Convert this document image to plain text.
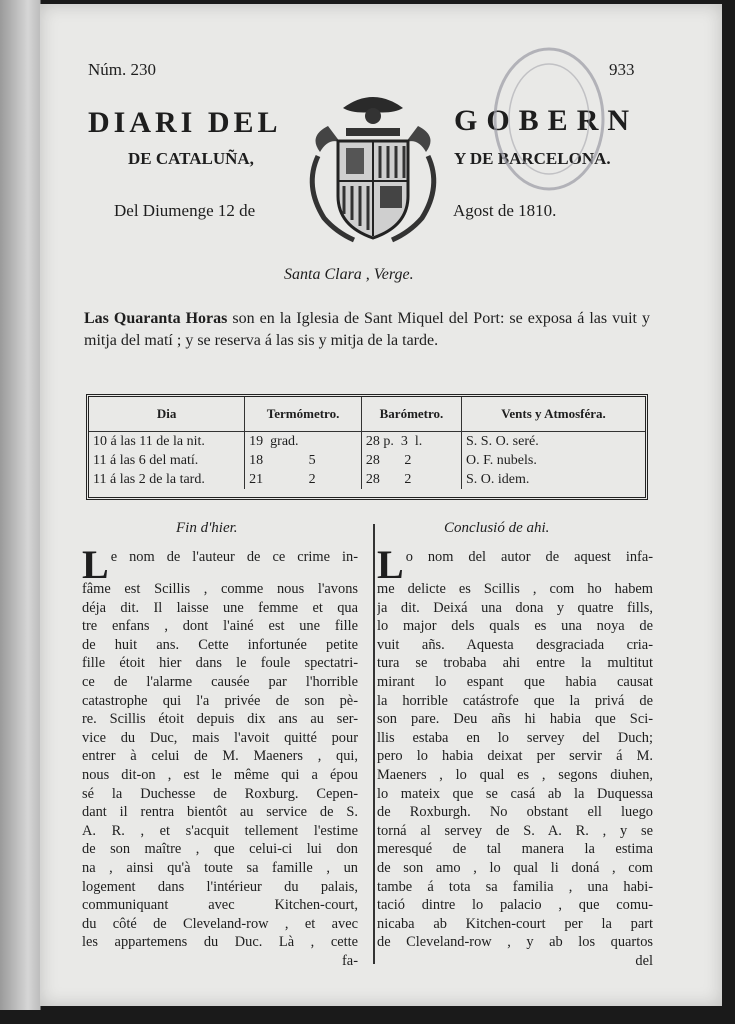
Núm. 230	933
DIARI DEL	GOBERN
DE CATALUÑA,	Y DE BARCELONA.
Del Diumenge 12 de	Agost de 1810.
Santa Clara , Verge.
Las Quaranta Horas son en la Iglesia de Sant Miquel del Port: se exposa á las vuit y mitja del matí ; y se reserva á las sis y mitja de la tarde.
Dia	Termómetro.	Barómetro.	Vents y Atmosféra.
10 á las 11 de la nit.	19  grad.	28 p.  3  l.	S. S. O. seré.
11 á las 6 del matí.	18             5	28       2	O. F. nubels.
11 á las 2 de la tard.	21             2	28       2	S. O. idem.
Fin d'hier.	Conclusió de ahi.
Le nom de l'auteur de ce crime in-
fâme est Scillis , comme nous l'avons
déja dit. Il laisse une femme et qua
tre enfans , dont l'ainé est une fille
de huit ans. Cette infortunée petite
fille étoit hier dans le foule spectatri-
ce de l'alarme causée par l'horrible
catastrophe qui l'a privée de son pè-
re. Scillis étoit depuis dix ans au ser-
vice du Duc, mais l'avoit quitté pour
entrer à celui de M. Maeners , qui,
nous dit-on , est le même qui a épou
sé la Duchesse de Roxburg. Cepen-
dant il rentra bientôt au service de S.
A. R. , et s'acquit tellement l'estime
de son maître , que celui-ci lui don
na , ainsi qu'à toute sa famille , un
logement dans l'intérieur du palais,
communiquant avec Kitchen-court,
du côté de Cleveland-row , et avec
les appartemens du Duc. Là , cette
fa-
Lo nom del autor de aquest infa-
me delicte es Scillis , com ho habem
ja dit. Deixá una dona y quatre fills,
lo major dels quals es una noya de
vuit añs. Aquesta desgraciada cria-
tura se trobaba ahi entre la multitut
mirant lo espant que habia causat
la horrible catástrofe que la privá de
son pare. Deu añs hi habia que Sci-
llis estaba en lo servey del Duch;
pero lo habia deixat per servir á M.
Maeners , lo qual es , segons diuhen,
lo mateix que se casá ab la Duquessa
de Roxburgh. No obstant ell luego
torná al servey de S. A. R. , y se
meresqué de tal manera la estima
de son amo , lo qual li doná , com
tambe á tota sa familia , una habi-
tació dintre lo palacio , que comu-
nicaba ab Kitchen-court per la part
de Cleveland-row , y ab los quartos
del
